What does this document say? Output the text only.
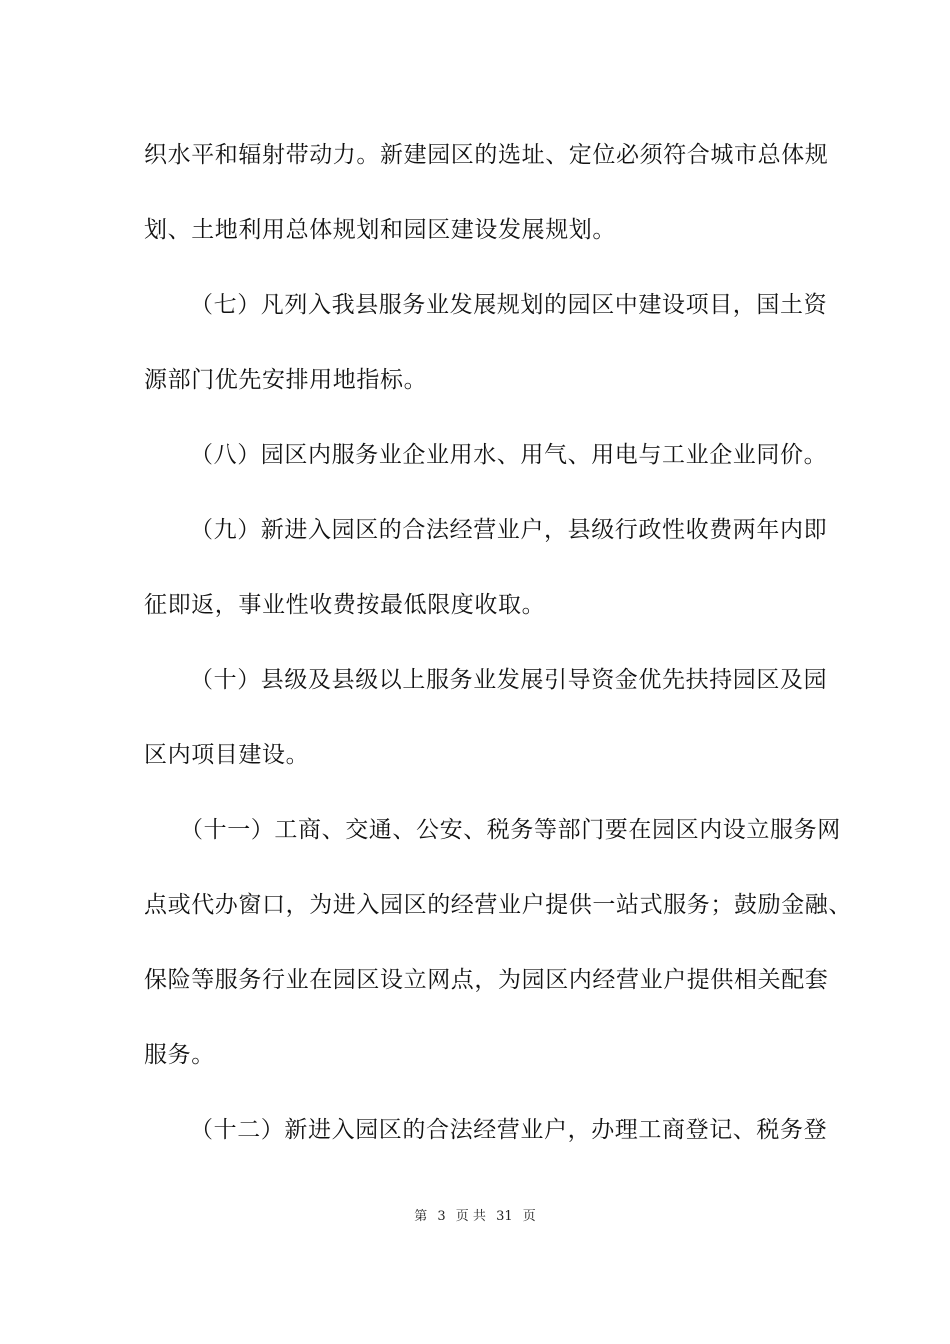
织水平和辐射带动力。新建园区的选址、定位必须符合城市总体规
划、土地利用总体规划和园区建设发展规划。
（七）凡列入我县服务业发展规划的园区中建设项目，国土资
源部门优先安排用地指标。
（八）园区内服务业企业用水、用气、用电与工业企业同价。
（九）新进入园区的合法经营业户，县级行政性收费两年内即
征即返，事业性收费按最低限度收取。
（十）县级及县级以上服务业发展引导资金优先扶持园区及园
区内项目建设。
（十一）工商、交通、公安、税务等部门要在园区内设立服务网
点或代办窗口，为进入园区的经营业户提供一站式服务；鼓励金融、
保险等服务行业在园区设立网点，为园区内经营业户提供相关配套
服务。
（十二）新进入园区的合法经营业户，办理工商登记、税务登
第 3 页 共 31 页
